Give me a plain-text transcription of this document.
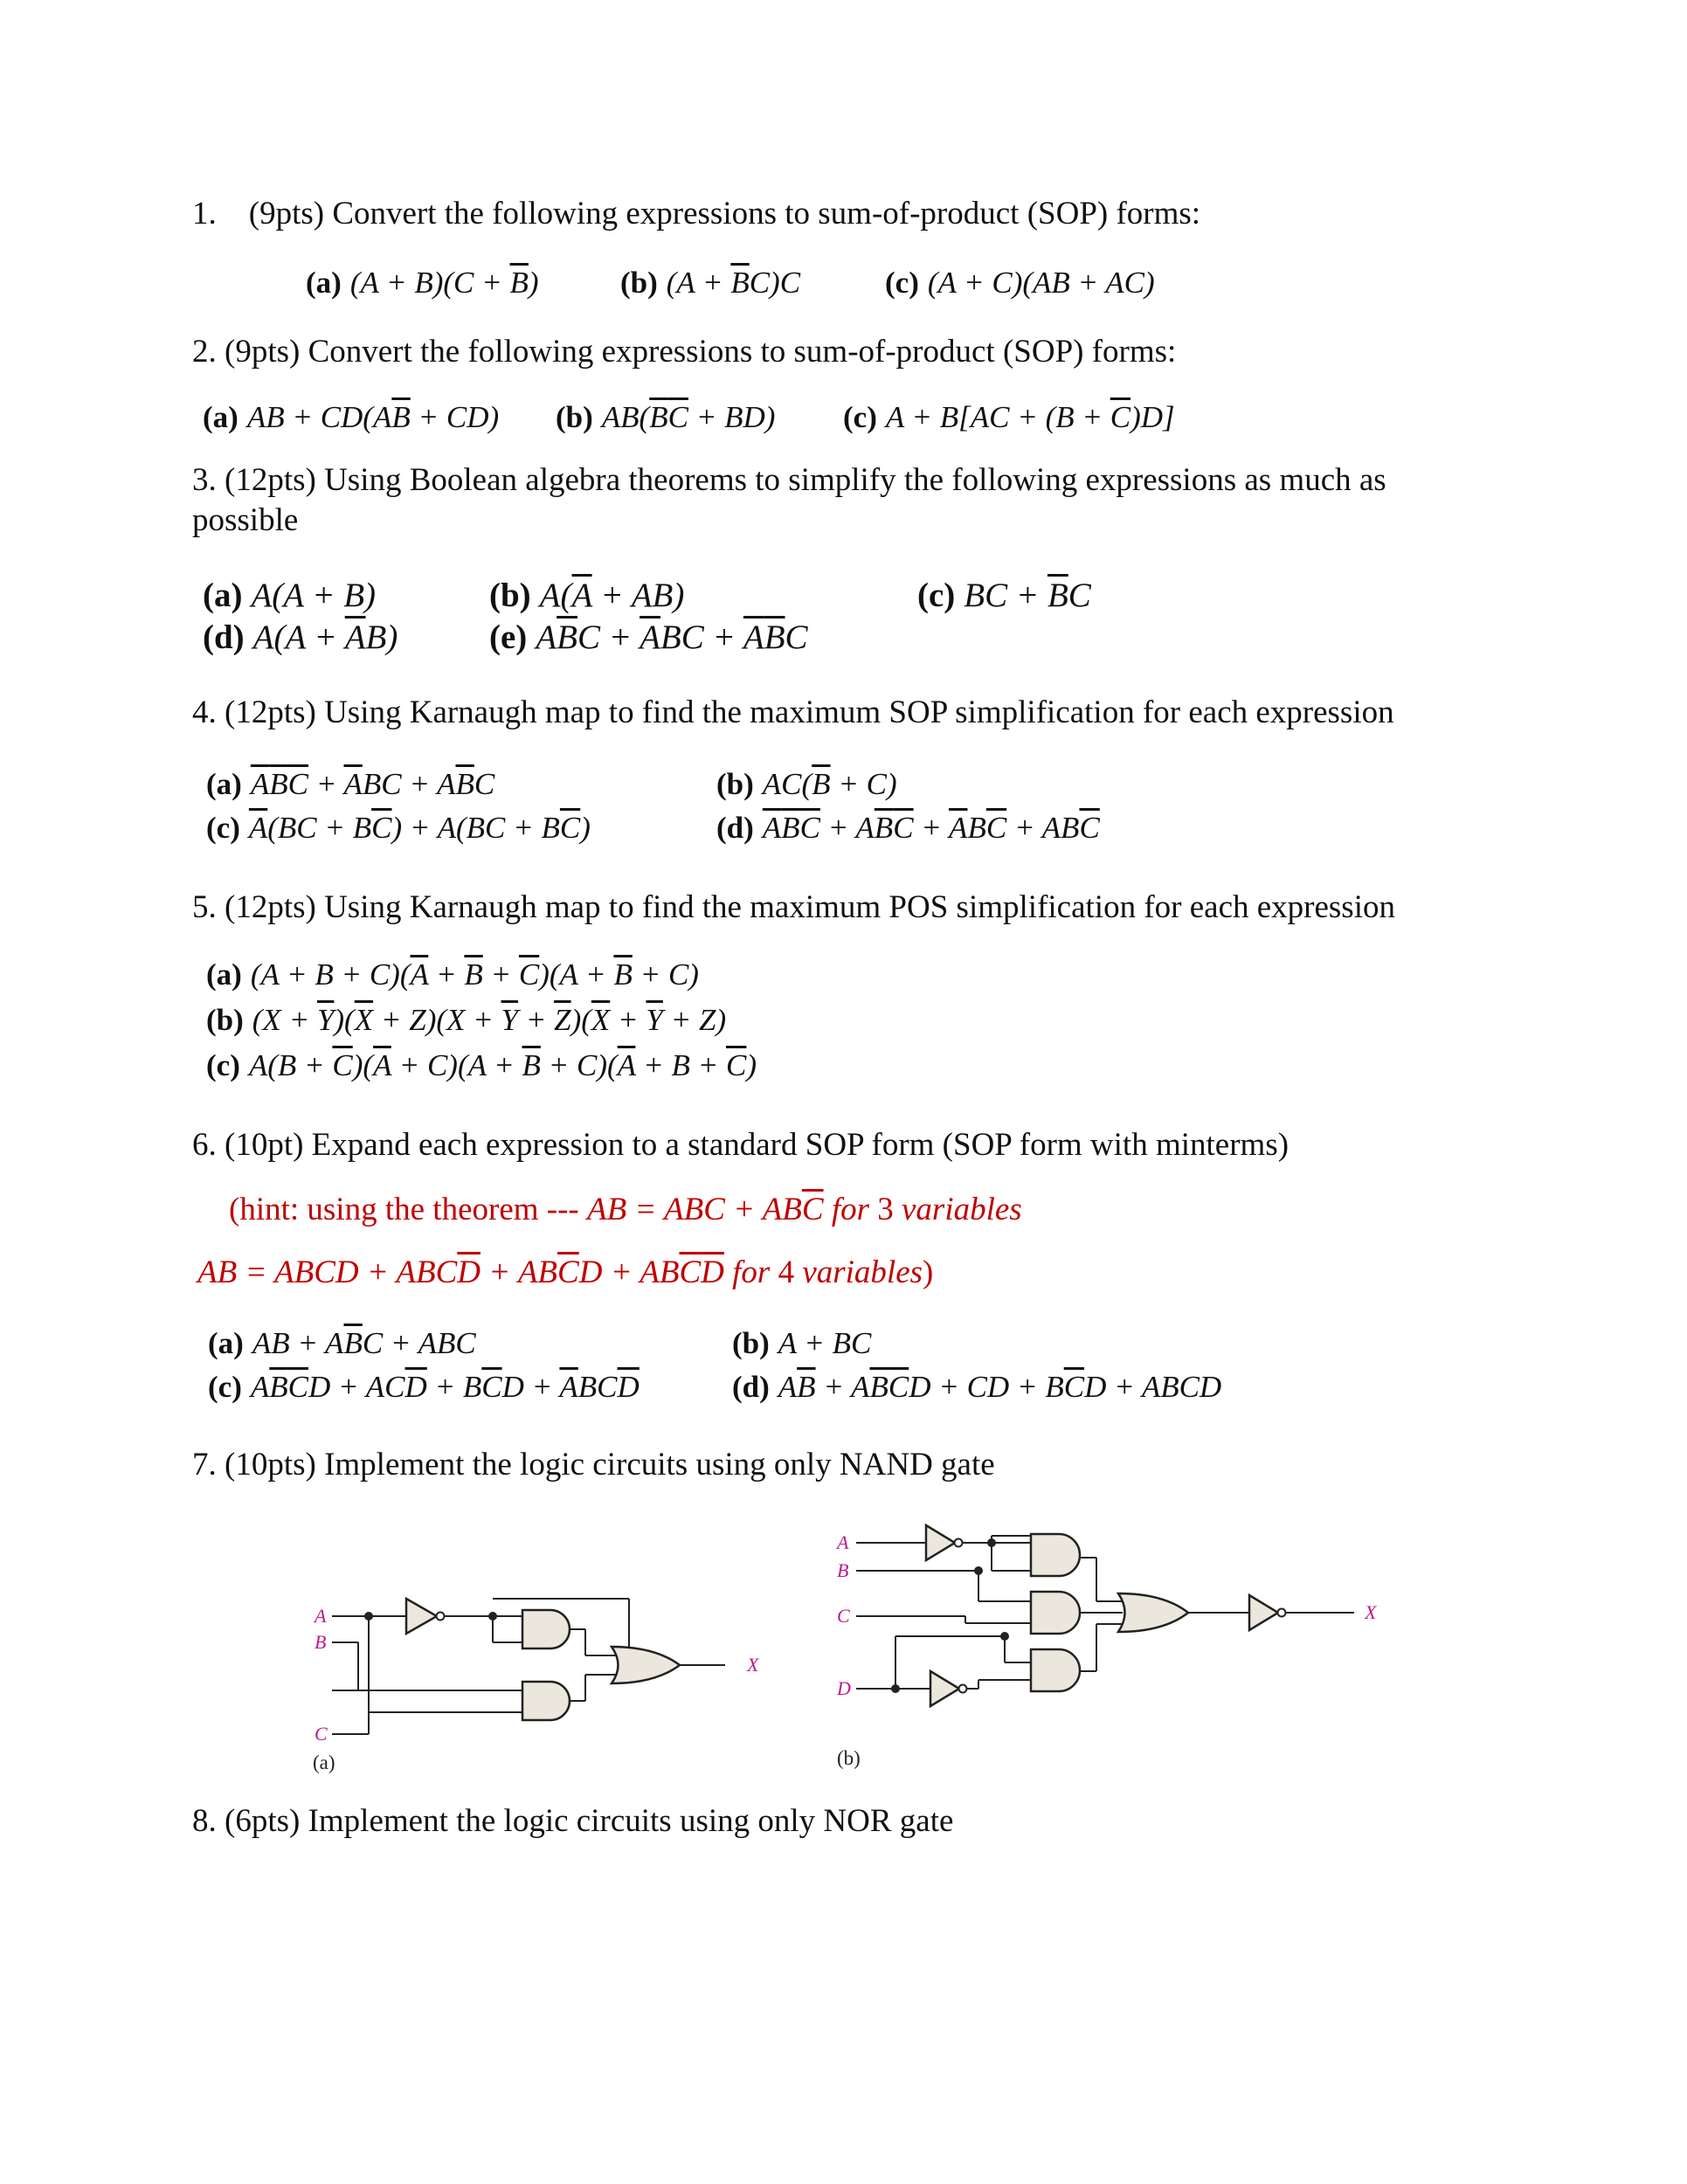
1. (9pts) Convert the following expressions to sum-of-product (SOP) forms:
(a) $(A + B)(C + \overline{B})$	(b) $(A + \overline{B}C)C$	(c) (A + C)(AB + AC)
2. (9pts) Convert the following expressions to sum-of-product (SOP) forms:
(a) AB + $CD(A\overline{B} + CD)$ (b) $AB(\overline{B}\overline{C} + BD)$ (c) $A + B[AC + (B + \overline{C})D]$
3. (12pts) Using Boolean algebra theorems to simplify the following expressions as much as possible
(a) A(A + B)	(b) $A(\overline{A} + AB)$	(c) BC + $\overline{B}C$
(d) $A(A + \overline{A}B)$	(e) $A\overline{B}C + \overline{A}BC + \overline{A}\overline{B}C$
4. (12pts) Using Karnaugh map to find the maximum SOP simplification for each expression
(a) $\overline{A}\overline{B}\overline{C} + \overline{A}BC + A\overline{B}C$	(b) $AC(\overline{B} + C)$
(c) $\overline{A}(BC + B\overline{C}) + A(BC + B\overline{C})$	(d) $\overline{A}\overline{B}\overline{C} + A\overline{B}\overline{C} + \overline{A}B\overline{C} + AB\overline{C}$
5. (12pts) Using Karnaugh map to find the maximum POS simplification for each expression
(a) $(A + B + C)(\overline{A} + \overline{B} + \overline{C})(A + \overline{B} + C)$
(b) $(X + \overline{Y})(\overline{X} + Z)(X + \overline{Y} + \overline{Z})(\overline{X} + \overline{Y} + Z)$
(c) $A(B + \overline{C})(\overline{A} + C)(A + \overline{B} + C)(\overline{A} + B + \overline{C})$
6. (10pt) Expand each expression to a standard SOP form (SOP form with minterms)
(hint: using the theorem --- AB = ABC + $AB\overline{C}$ for 3 variables
AB = ABCD + $ABC\overline{D} + AB\overline{C}D + AB\overline{C}\overline{D}$ for 4 variables)
(a) AB + $A\overline{B}C$ + ABC	(b) A + BC
(c) $A\overline{B}\overline{C}D + AC\overline{D} + B\overline{C}D + \overline{A}BC\overline{D}$	(d) $A\overline{B} + A\overline{B}\overline{C}D$ + CD + $B\overline{C}D$ + ABCD
7. (10pts) Implement the logic circuits using only NAND gate
A
B
C
X
(a)
A
B
C
D
X
(b)
8. (6pts) Implement the logic circuits using only NOR gate
